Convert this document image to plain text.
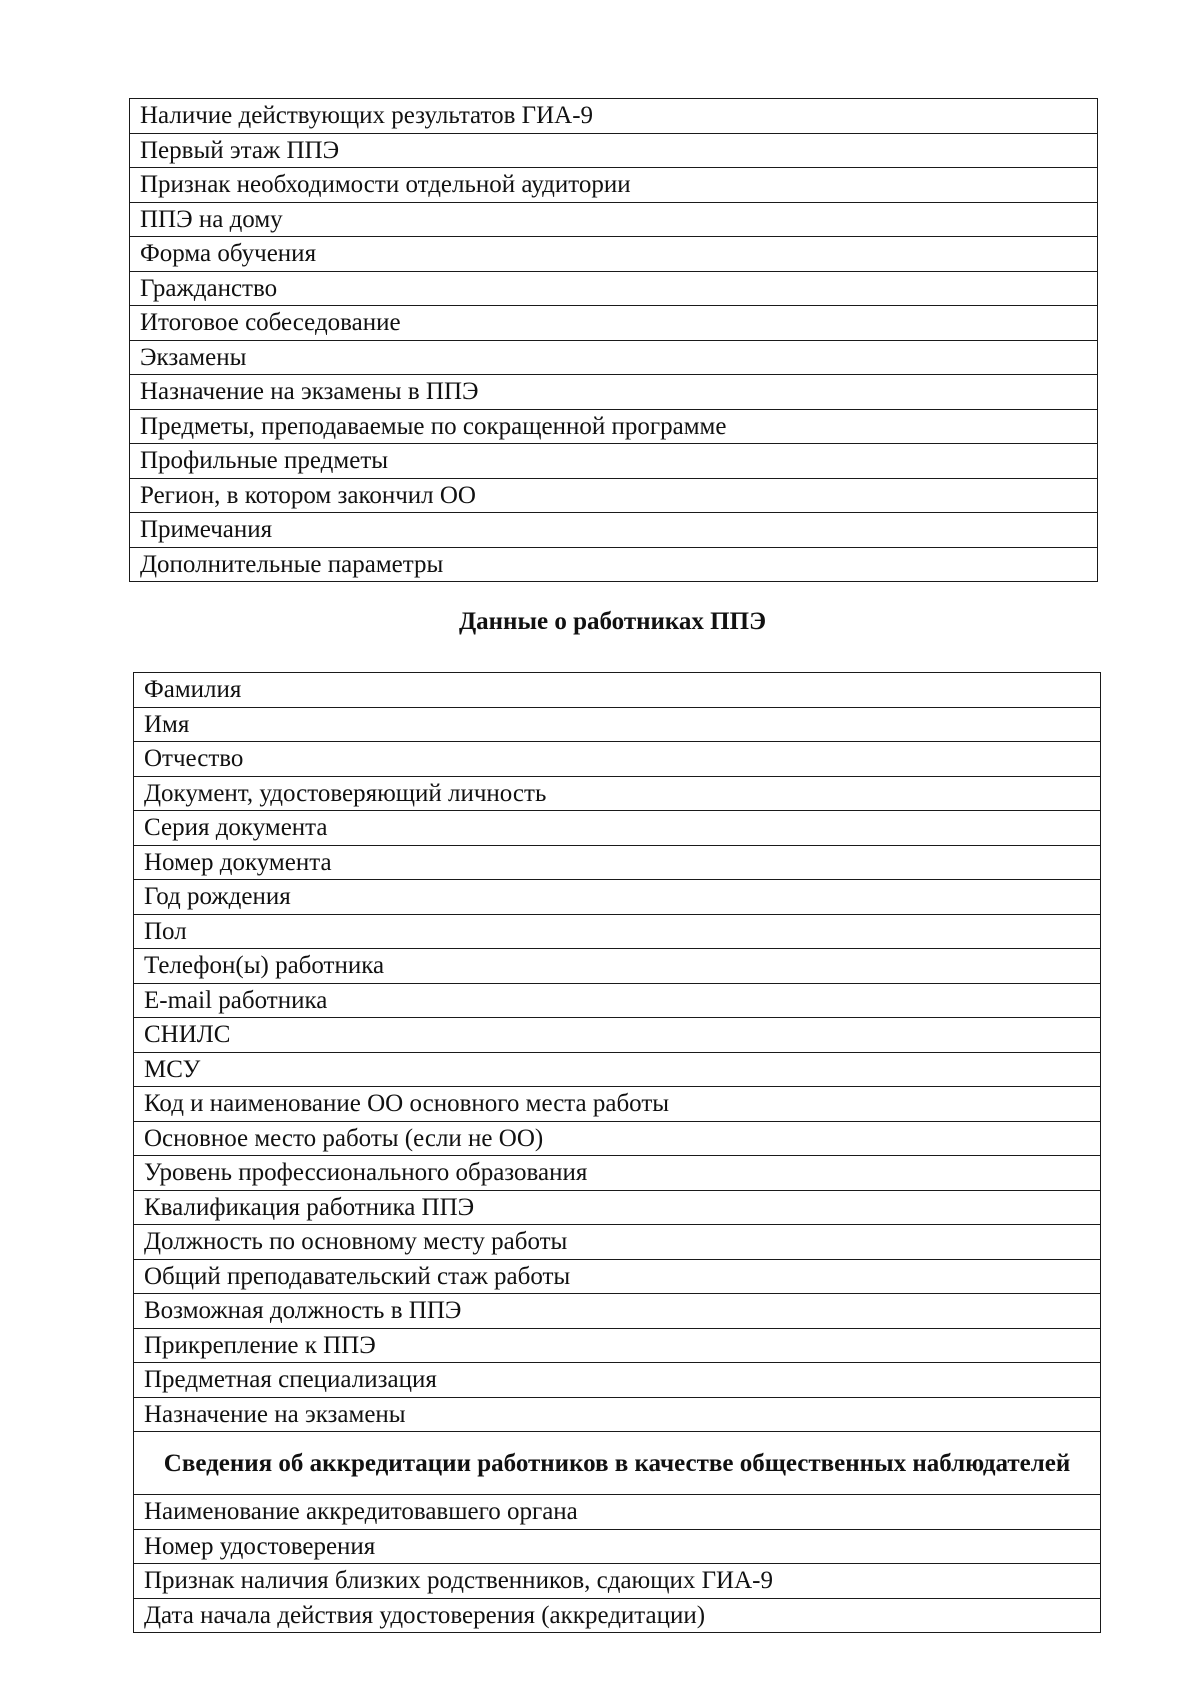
Наличие действующих результатов ГИА-9
Первый этаж ППЭ
Признак необходимости отдельной аудитории
ППЭ на дому
Форма обучения
Гражданство
Итоговое собеседование
Экзамены
Назначение на экзамены в ППЭ
Предметы, преподаваемые по сокращенной программе
Профильные предметы
Регион, в котором закончил ОО
Примечания
Дополнительные параметры
Данные о работниках ППЭ
Фамилия
Имя
Отчество
Документ, удостоверяющий личность
Серия документа
Номер документа
Год рождения
Пол
Телефон(ы) работника
E-mail работника
СНИЛС
МСУ
Код и наименование ОО основного места работы
Основное место работы (если не ОО)
Уровень профессионального образования
Квалификация работника ППЭ
Должность по основному месту работы
Общий преподавательский стаж работы
Возможная должность в ППЭ
Прикрепление к ППЭ
Предметная специализация
Назначение на экзамены
Сведения об аккредитации работников в качестве общественных наблюдателей
Наименование аккредитовавшего органа
Номер удостоверения
Признак наличия близких родственников, сдающих ГИА-9
Дата начала действия удостоверения (аккредитации)
